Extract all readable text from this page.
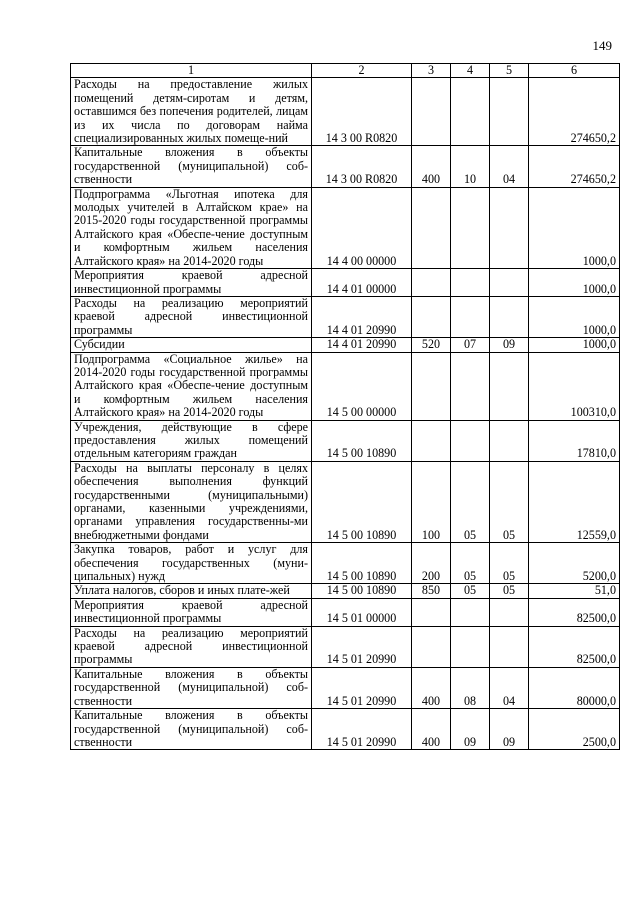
149
1	2	3	4	5	6
Расходы на предоставление жилых помещений детям-сиротам и детям, оставшимся без попечения родителей, лицам из их числа по договорам найма специализированных жилых помеще-ний	14 3 00 R0820				274650,2
Капитальные вложения в объекты государственной (муниципальной) соб-ственности	14 3 00 R0820	400	10	04	274650,2
Подпрограмма «Льготная ипотека для молодых учителей в Алтайском крае» на 2015-2020 годы государственной программы Алтайского края «Обеспе-чение доступным и комфортным жильем населения Алтайского края» на 2014-2020 годы	14 4 00 00000				1000,0
Мероприятия краевой адресной инвестиционной программы	14 4 01 00000				1000,0
Расходы на реализацию мероприятий краевой адресной инвестиционной программы	14 4 01 20990				1000,0
Субсидии	14 4 01 20990	520	07	09	1000,0
Подпрограмма «Социальное жилье» на 2014-2020 годы государственной программы Алтайского края «Обеспе-чение доступным и комфортным жильем населения Алтайского края» на 2014-2020 годы	14 5 00 00000				100310,0
Учреждения, действующие в сфере предоставления жилых помещений отдельным категориям граждан	14 5 00 10890				17810,0
Расходы на выплаты персоналу в целях обеспечения выполнения функций государственными (муниципальными) органами, казенными учреждениями, органами управления государственны-ми внебюджетными фондами	14 5 00 10890	100	05	05	12559,0
Закупка товаров, работ и услуг для обеспечения государственных (муни-ципальных) нужд	14 5 00 10890	200	05	05	5200,0
Уплата налогов, сборов и иных плате-жей	14 5 00 10890	850	05	05	51,0
Мероприятия краевой адресной инвестиционной программы	14 5 01 00000				82500,0
Расходы на реализацию мероприятий краевой адресной инвестиционной программы	14 5 01 20990				82500,0
Капитальные вложения в объекты государственной (муниципальной) соб-ственности	14 5 01 20990	400	08	04	80000,0
Капитальные вложения в объекты государственной (муниципальной) соб-ственности	14 5 01 20990	400	09	09	2500,0
